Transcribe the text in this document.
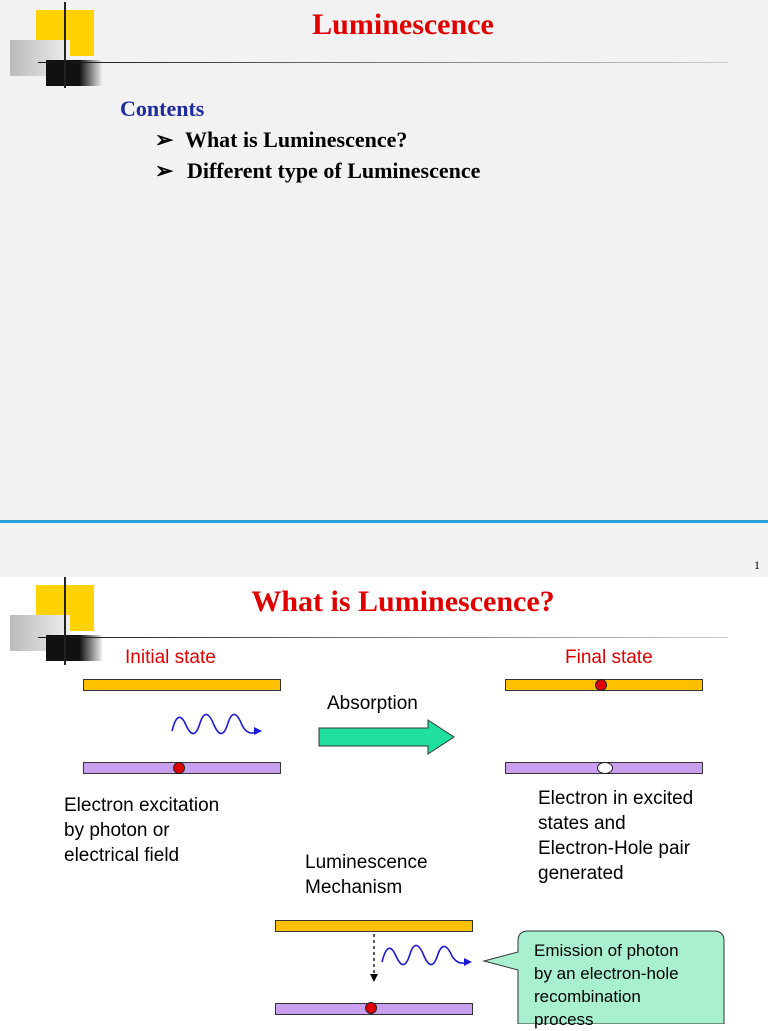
Luminescence
Contents
➢ What is Luminescence?
➢ Different type of Luminescence
1
What is Luminescence?
Initial state
Electron excitation
by photon or
electrical field
Absorption
Final state
Electron in excited
states and
Electron-Hole pair
generated
Luminescence
Mechanism
Emission of photon
by an electron-hole
recombination
process
